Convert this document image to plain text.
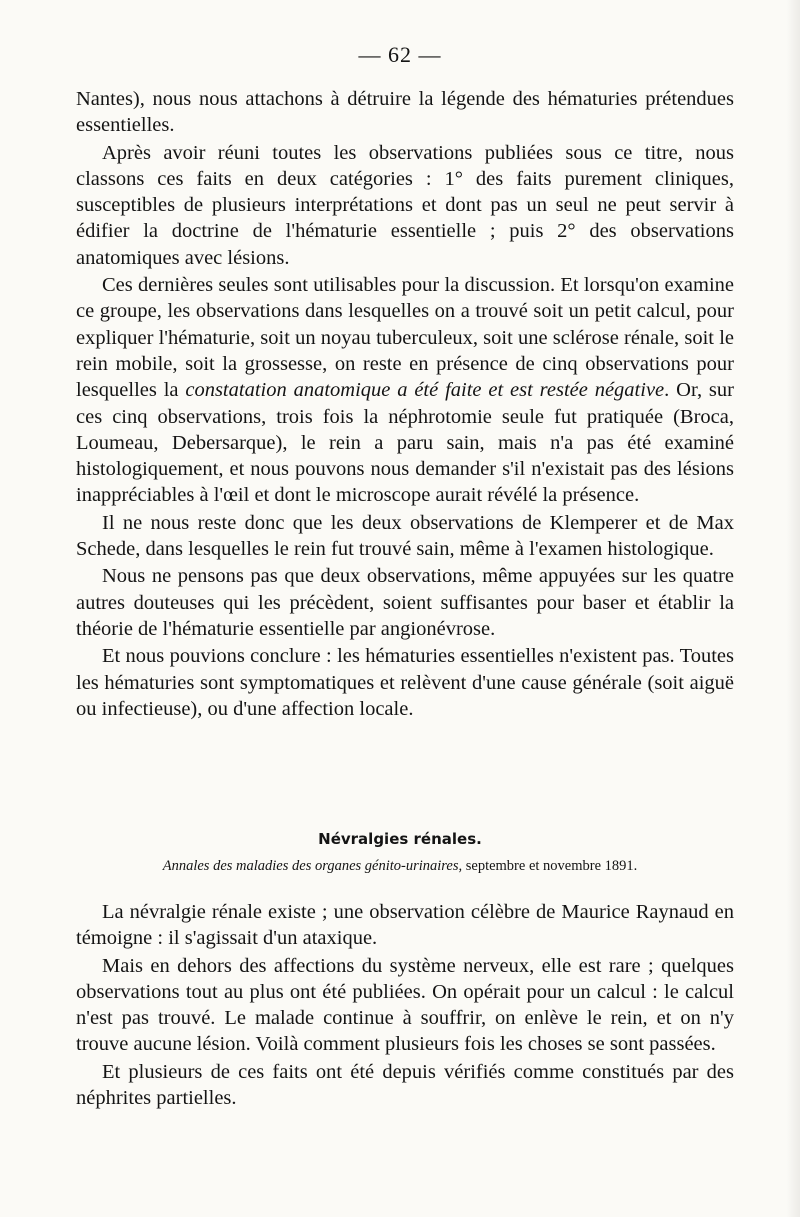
— 62 —

Nantes), nous nous attachons à détruire la légende des hématuries prétendues essentielles.

Après avoir réuni toutes les observations publiées sous ce titre, nous classons ces faits en deux catégories : 1° des faits purement cliniques, susceptibles de plusieurs interprétations et dont pas un seul ne peut servir à édifier la doctrine de l'hématurie essentielle ; puis 2° des observations anatomiques avec lésions.

Ces dernières seules sont utilisables pour la discussion. Et lorsqu'on examine ce groupe, les observations dans lesquelles on a trouvé soit un petit calcul, pour expliquer l'hématurie, soit un noyau tuberculeux, soit une sclérose rénale, soit le rein mobile, soit la grossesse, on reste en présence de cinq observations pour lesquelles la constatation anatomique a été faite et est restée négative. Or, sur ces cinq observations, trois fois la néphrotomie seule fut pratiquée (Broca, Loumeau, Debersarque), le rein a paru sain, mais n'a pas été examiné histologiquement, et nous pouvons nous demander s'il n'existait pas des lésions inappréciables à l'œil et dont le microscope aurait révélé la présence.

Il ne nous reste donc que les deux observations de Klemperer et de Max Schede, dans lesquelles le rein fut trouvé sain, même à l'examen histologique.

Nous ne pensons pas que deux observations, même appuyées sur les quatre autres douteuses qui les précèdent, soient suffisantes pour baser et établir la théorie de l'hématurie essentielle par angionévrose.

Et nous pouvions conclure : les hématuries essentielles n'existent pas. Toutes les hématuries sont symptomatiques et relèvent d'une cause générale (soit aiguë ou infectieuse), ou d'une affection locale.

Névralgies rénales.
Annales des maladies des organes génito-urinaires, septembre et novembre 1891.

La névralgie rénale existe ; une observation célèbre de Maurice Raynaud en témoigne : il s'agissait d'un ataxique.

Mais en dehors des affections du système nerveux, elle est rare ; quelques observations tout au plus ont été publiées. On opérait pour un calcul : le calcul n'est pas trouvé. Le malade continue à souffrir, on enlève le rein, et on n'y trouve aucune lésion. Voilà comment plusieurs fois les choses se sont passées.

Et plusieurs de ces faits ont été depuis vérifiés comme constitués par des néphrites partielles.
